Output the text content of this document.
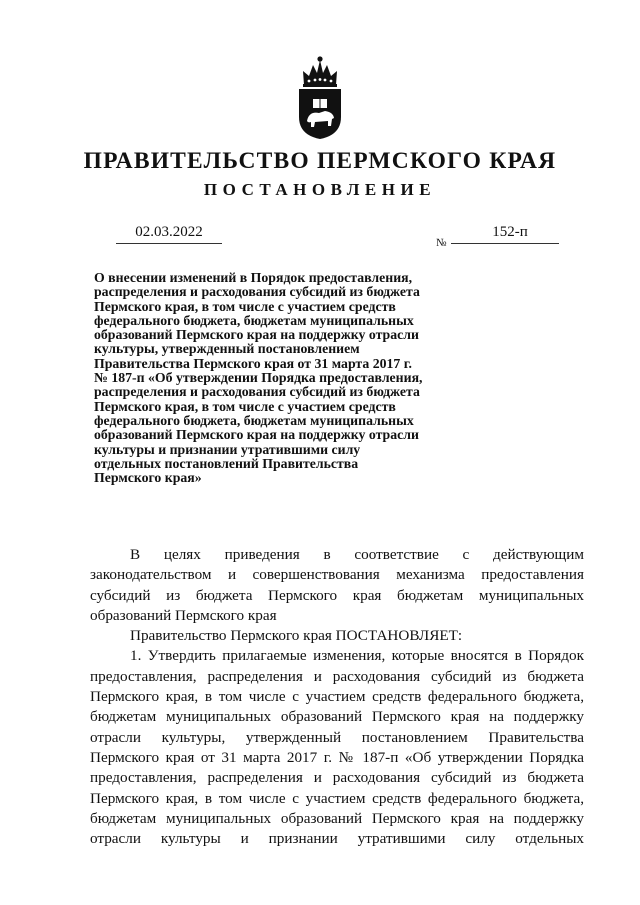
ПРАВИТЕЛЬСТВО ПЕРМСКОГО КРАЯ
ПОСТАНОВЛЕНИЕ
02.03.2022
№
152-п
О внесении изменений в Порядок предоставления,
распределения и расходования субсидий из бюджета
Пермского края, в том числе с участием средств
федерального бюджета, бюджетам муниципальных
образований Пермского края на поддержку отрасли
культуры, утвержденный постановлением
Правительства Пермского края от 31 марта 2017 г.
№ 187-п «Об утверждении Порядка предоставления,
распределения и расходования субсидий из бюджета
Пермского края, в том числе с участием средств
федерального бюджета, бюджетам муниципальных
образований Пермского края на поддержку отрасли
культуры и признании утратившими силу
отдельных постановлений Правительства
Пермского края»
В целях приведения в соответствие с действующим
законодательством и совершенствования механизма предоставления
субсидий из бюджета Пермского края бюджетам муниципальных
образований Пермского края
Правительство Пермского края ПОСТАНОВЛЯЕТ:
1. Утвердить прилагаемые изменения, которые вносятся в Порядок
предоставления, распределения и расходования субсидий из бюджета
Пермского края, в том числе с участием средств федерального бюджета,
бюджетам муниципальных образований Пермского края на поддержку
отрасли культуры, утвержденный постановлением Правительства
Пермского края от 31 марта 2017 г. № 187-п «Об утверждении Порядка
предоставления, распределения и расходования субсидий из бюджета
Пермского края, в том числе с участием средств федерального бюджета,
бюджетам муниципальных образований Пермского края на поддержку
отрасли культуры и признании утратившими силу отдельных
